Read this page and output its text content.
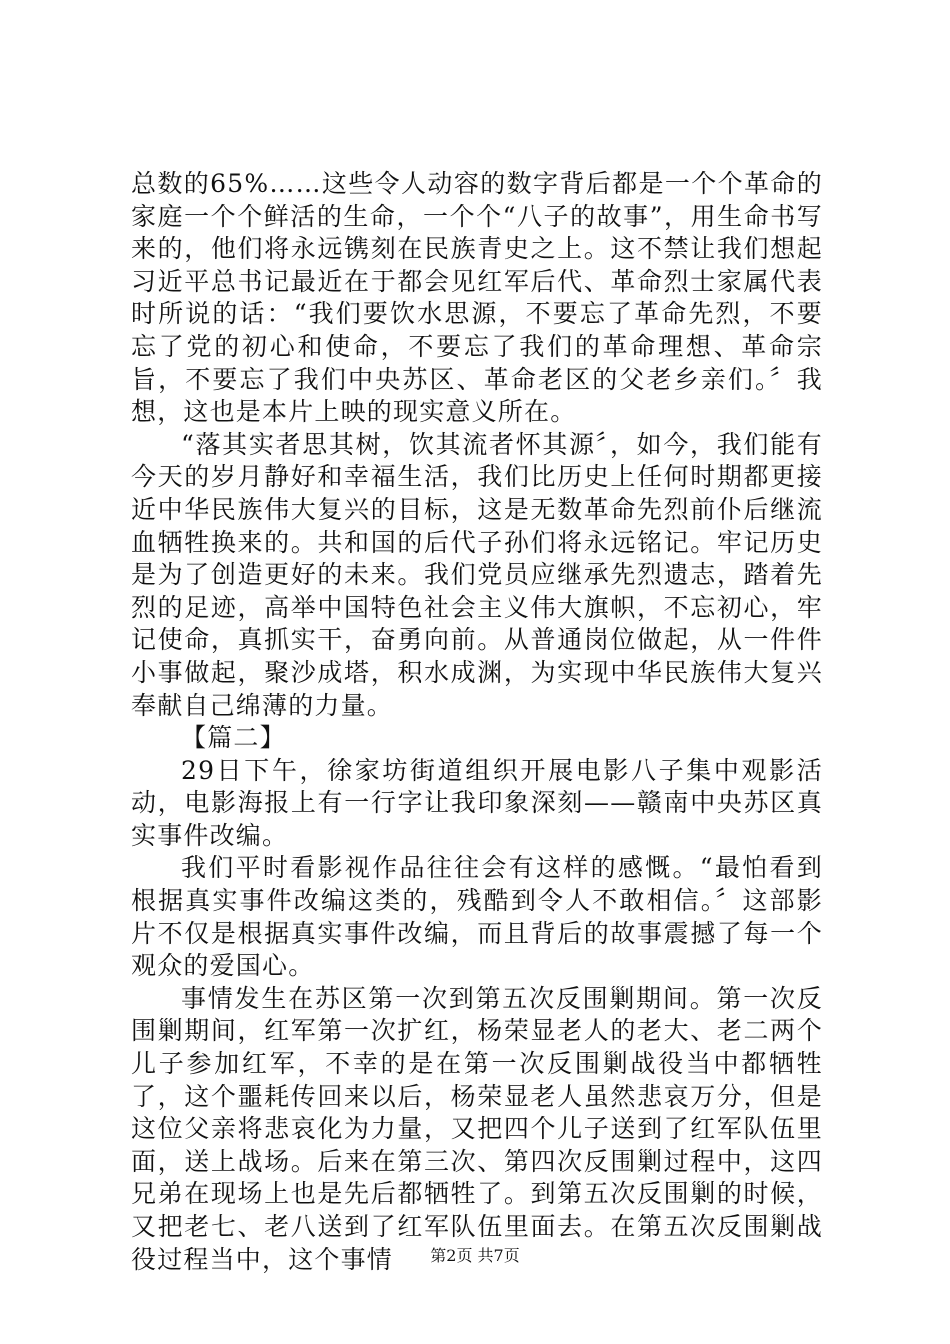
总数的65%……这些令人动容的数字背后都是一个个革命的家庭一个个鲜活的生命，一个个“八子的故事”，用生命书写来的，他们将永远镌刻在民族青史之上。这不禁让我们想起习近平总书记最近在于都会见红军后代、革命烈士家属代表时所说的话：“我们要饮水思源，不要忘了革命先烈，不要忘了党的初心和使命，不要忘了我们的革命理想、革命宗旨，不要忘了我们中央苏区、革命老区的父老乡亲们。〞我想，这也是本片上映的现实意义所在。

“落其实者思其树，饮其流者怀其源〞，如今，我们能有今天的岁月静好和幸福生活，我们比历史上任何时期都更接近中华民族伟大复兴的目标，这是无数革命先烈前仆后继流血牺牲换来的。共和国的后代子孙们将永远铭记。牢记历史是为了创造更好的未来。我们党员应继承先烈遗志，踏着先烈的足迹，高举中国特色社会主义伟大旗帜，不忘初心，牢记使命，真抓实干，奋勇向前。从普通岗位做起，从一件件小事做起，聚沙成塔，积水成渊，为实现中华民族伟大复兴奉献自己绵薄的力量。

【篇二】

29日下午，徐家坊街道组织开展电影八子集中观影活动，电影海报上有一行字让我印象深刻——赣南中央苏区真实事件改编。

我们平时看影视作品往往会有这样的感慨。“最怕看到根据真实事件改编这类的，残酷到令人不敢相信。〞这部影片不仅是根据真实事件改编，而且背后的故事震撼了每一个观众的爱国心。

事情发生在苏区第一次到第五次反围剿期间。第一次反围剿期间，红军第一次扩红，杨荣显老人的老大、老二两个儿子参加红军，不幸的是在第一次反围剿战役当中都牺牲了，这个噩耗传回来以后，杨荣显老人虽然悲哀万分，但是这位父亲将悲哀化为力量，又把四个儿子送到了红军队伍里面，送上战场。后来在第三次、第四次反围剿过程中，这四兄弟在现场上也是先后都牺牲了。到第五次反围剿的时候，又把老七、老八送到了红军队伍里面去。在第五次反围剿战役过程当中，这个事情	第2页 共7页
